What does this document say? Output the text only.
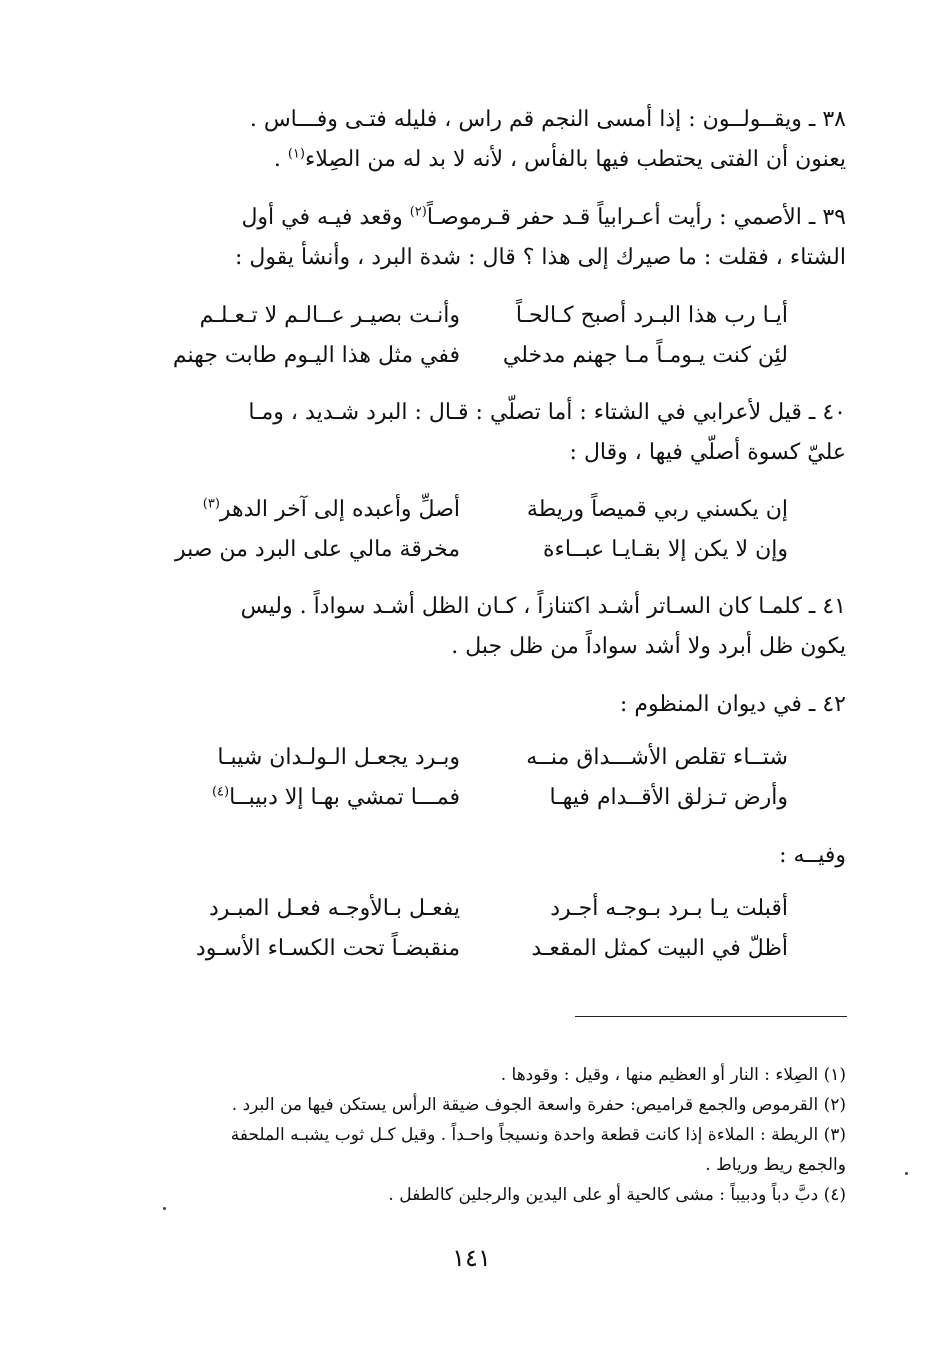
٣٨ ـ ويقــولــون : إذا أمسى النجم قم راس ، فليله فتـى وفـــاس .
يعنون أن الفتى يحتطب فيها بالفأس ، لأنه لا بد له من الصِلاء$^{(١)}$ .
٣٩ ـ الأصمي : رأيت أعـرابياً قـد حفر قـرموصـاً$^{(٢)}$ وقعد فيـه في أول
الشتاء ، فقلت : ما صيرك إلى هذا ؟ قال : شدة البرد ، وأنشأ يقول :
أيـا رب هذا البـرد أصبح كـالحـاً
وأنـت بصيـر عــالـم لا تـعـلـم
لئِن كنت يـومـاً مـا جهنم مدخلي
ففي مثل هذا اليـوم طابت جهنم
٤٠ ـ قيل لأعرابي في الشتاء : أما تصلّي : قـال : البرد شـديد ، ومـا
عليّ كسوة أصلّي فيها ، وقال :
إن يكسني ربي قميصاً وريطة
أصلِّ وأعبده إلى آخر الدهر$^{(٣)}$
وإن لا يكن إلا بقـايـا عبــاءة
مخرقة مالي على البرد من صبر
٤١ ـ كلمـا كان السـاتر أشـد اكتنازاً ، كـان الظل أشـد سواداً . وليس
يكون ظل أبرد ولا أشد سواداً من ظل جبل .
٤٢ ـ في ديوان المنظوم :
شتــاء تقلص الأشـــداق منــه
وبـرد يجعـل الـولـدان شيبـا
وأرض تـزلق الأقــدام فيهـا
فمـــا تمشي بهـا إلا دبيبــا$^{(٤)}$
وفيــه :
أقبلت يـا بـرد بـوجـه أجـرد
يفعـل بـالأوجـه فعـل المبـرد
أظلّ في البيت كمثل المقعـد
منقبضـاً تحت الكسـاء الأسـود
(١) الصِلاء : النار أو العظيم منها ، وقيل : وقودها .
(٢) القرموص والجمع قراميص: حفرة واسعة الجوف ضيقة الرأس يستكن فيها من البرد .
(٣) الريطة : الملاءة إذا كانت قطعة واحدة ونسيجاً واحـداً . وقيل كـل ثوب يشبـه الملحفة
والجمع ريط ورياط .
(٤) دبَّ دباً ودبيباً : مشى كالحية أو على اليدين والرجلين كالطفل .
١٤١
